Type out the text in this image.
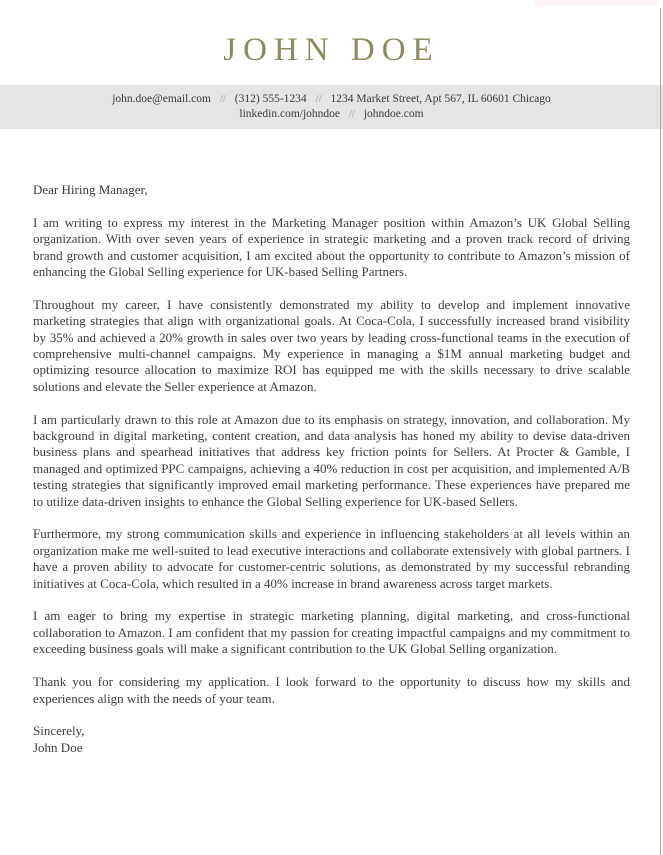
JOHN DOE
john.doe@email.com // (312) 555-1234 // 1234 Market Street, Apt 567, IL 60601 Chicago
linkedin.com/johndoe // johndoe.com

Dear Hiring Manager,

I am writing to express my interest in the Marketing Manager position within Amazon’s UK Global Selling organization. With over seven years of experience in strategic marketing and a proven track record of driving brand growth and customer acquisition, I am excited about the opportunity to contribute to Amazon’s mission of enhancing the Global Selling experience for UK-based Selling Partners.

Throughout my career, I have consistently demonstrated my ability to develop and implement innovative marketing strategies that align with organizational goals. At Coca-Cola, I successfully increased brand visibility by 35% and achieved a 20% growth in sales over two years by leading cross-functional teams in the execution of comprehensive multi-channel campaigns. My experience in managing a $1M annual marketing budget and optimizing resource allocation to maximize ROI has equipped me with the skills necessary to drive scalable solutions and elevate the Seller experience at Amazon.

I am particularly drawn to this role at Amazon due to its emphasis on strategy, innovation, and collaboration. My background in digital marketing, content creation, and data analysis has honed my ability to devise data-driven business plans and spearhead initiatives that address key friction points for Sellers. At Procter & Gamble, I managed and optimized PPC campaigns, achieving a 40% reduction in cost per acquisition, and implemented A/B testing strategies that significantly improved email marketing performance. These experiences have prepared me to utilize data-driven insights to enhance the Global Selling experience for UK-based Sellers.

Furthermore, my strong communication skills and experience in influencing stakeholders at all levels within an organization make me well-suited to lead executive interactions and collaborate extensively with global partners. I have a proven ability to advocate for customer-centric solutions, as demonstrated by my successful rebranding initiatives at Coca-Cola, which resulted in a 40% increase in brand awareness across target markets.

I am eager to bring my expertise in strategic marketing planning, digital marketing, and cross-functional collaboration to Amazon. I am confident that my passion for creating impactful campaigns and my commitment to exceeding business goals will make a significant contribution to the UK Global Selling organization.

Thank you for considering my application. I look forward to the opportunity to discuss how my skills and experiences align with the needs of your team.

Sincerely,

John Doe
